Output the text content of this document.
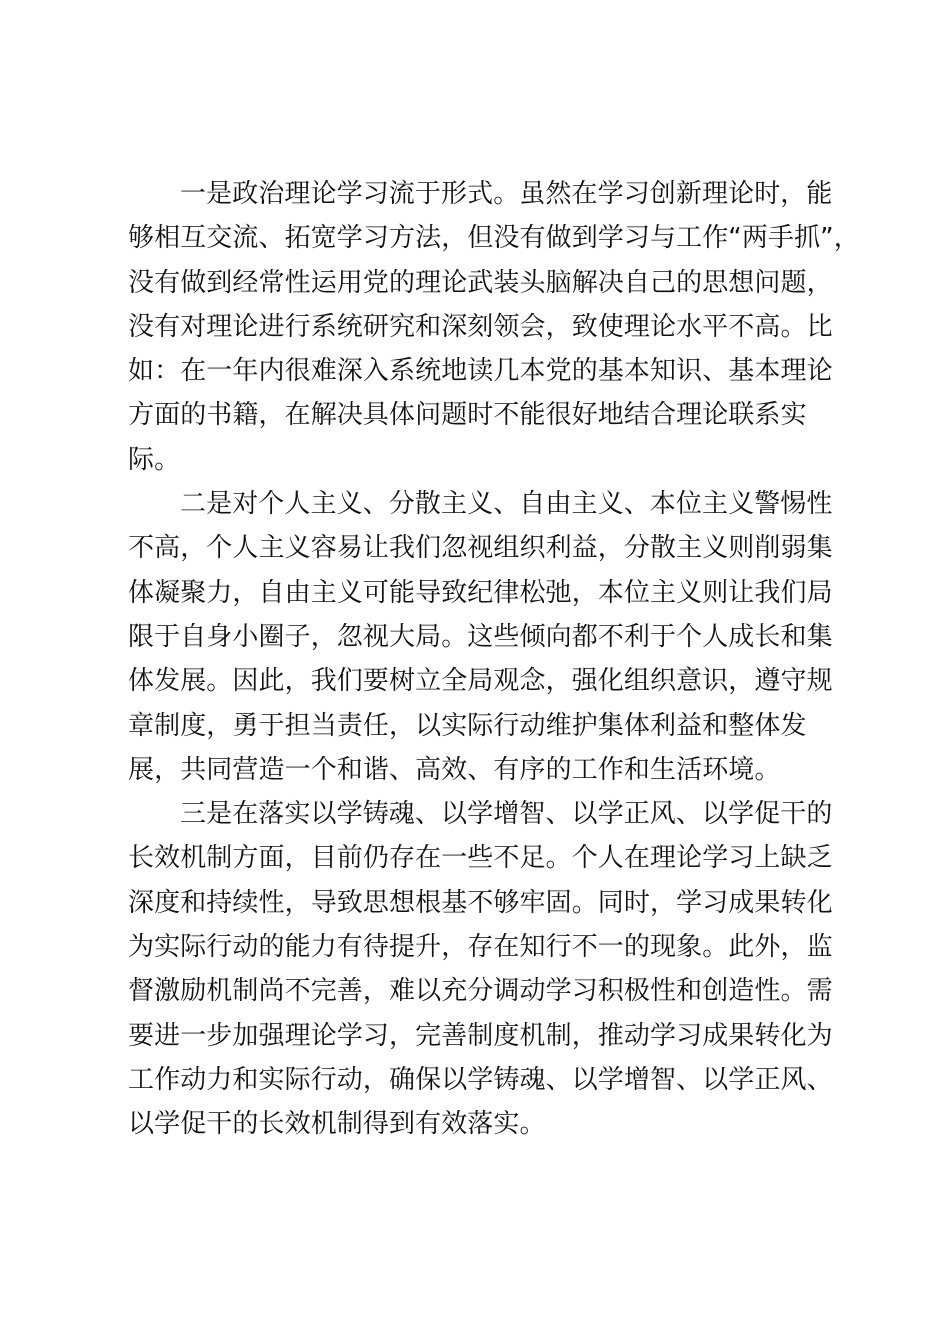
一是政治理论学习流于形式。虽然在学习创新理论时，能
够相互交流、拓宽学习方法，但没有做到学习与工作“两手抓”，
没有做到经常性运用党的理论武装头脑解决自己的思想问题，
没有对理论进行系统研究和深刻领会，致使理论水平不高。比
如：在一年内很难深入系统地读几本党的基本知识、基本理论
方面的书籍，在解决具体问题时不能很好地结合理论联系实
际。
二是对个人主义、分散主义、自由主义、本位主义警惕性
不高，个人主义容易让我们忽视组织利益，分散主义则削弱集
体凝聚力，自由主义可能导致纪律松弛，本位主义则让我们局
限于自身小圈子，忽视大局。这些倾向都不利于个人成长和集
体发展。因此，我们要树立全局观念，强化组织意识，遵守规
章制度，勇于担当责任，以实际行动维护集体利益和整体发
展，共同营造一个和谐、高效、有序的工作和生活环境。
三是在落实以学铸魂、以学增智、以学正风、以学促干的
长效机制方面，目前仍存在一些不足。个人在理论学习上缺乏
深度和持续性，导致思想根基不够牢固。同时，学习成果转化
为实际行动的能力有待提升，存在知行不一的现象。此外，监
督激励机制尚不完善，难以充分调动学习积极性和创造性。需
要进一步加强理论学习，完善制度机制，推动学习成果转化为
工作动力和实际行动，确保以学铸魂、以学增智、以学正风、
以学促干的长效机制得到有效落实。
